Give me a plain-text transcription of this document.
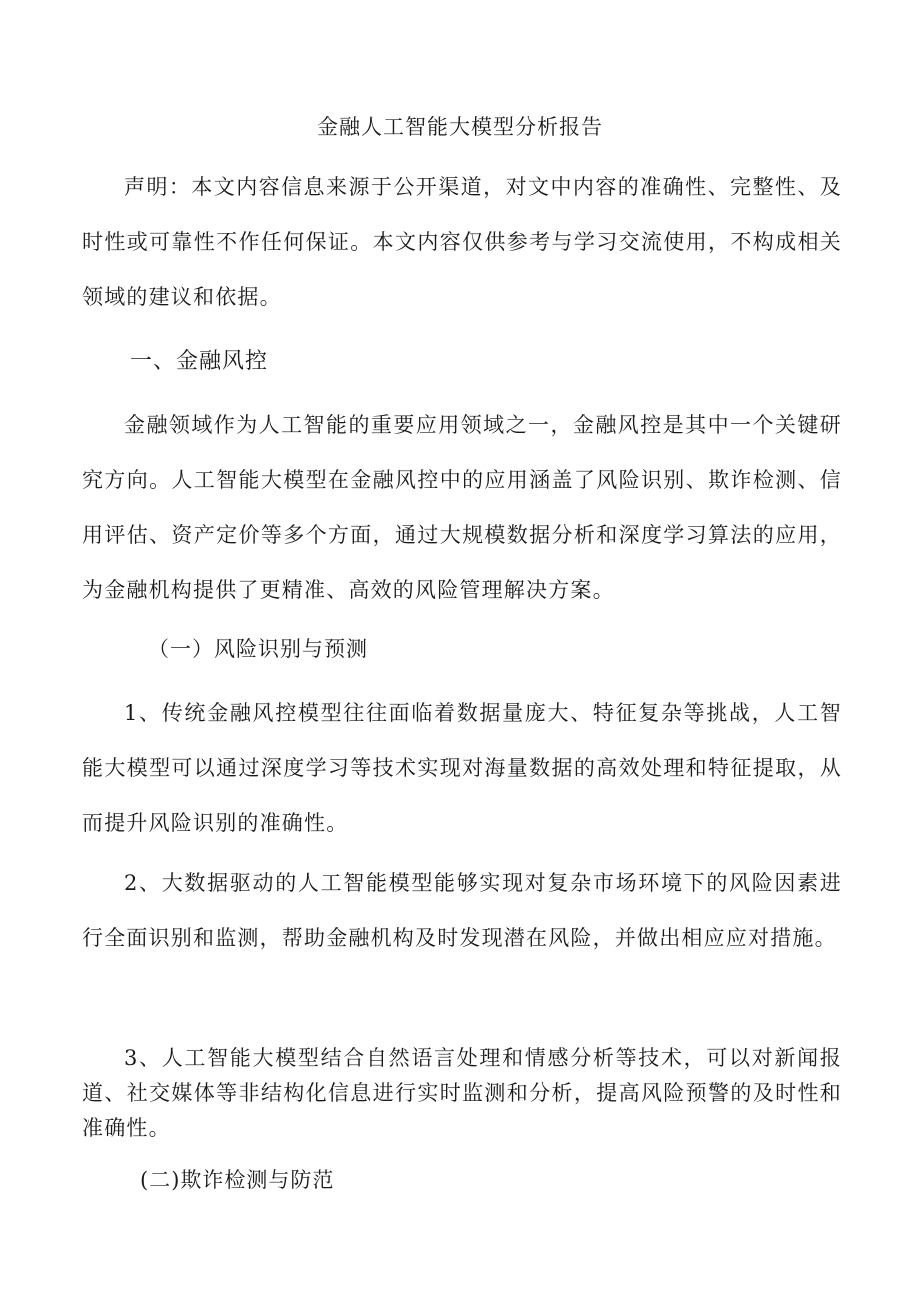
金融人工智能大模型分析报告
声明：本文内容信息来源于公开渠道，对文中内容的准确性、完整性、及时性或可靠性不作任何保证。本文内容仅供参考与学习交流使用，不构成相关领域的建议和依据。
一、金融风控
金融领域作为人工智能的重要应用领域之一，金融风控是其中一个关键研究方向。人工智能大模型在金融风控中的应用涵盖了风险识别、欺诈检测、信用评估、资产定价等多个方面，通过大规模数据分析和深度学习算法的应用，为金融机构提供了更精准、高效的风险管理解决方案。
（一）风险识别与预测
1、传统金融风控模型往往面临着数据量庞大、特征复杂等挑战，人工智能大模型可以通过深度学习等技术实现对海量数据的高效处理和特征提取，从而提升风险识别的准确性。
2、大数据驱动的人工智能模型能够实现对复杂市场环境下的风险因素进行全面识别和监测，帮助金融机构及时发现潜在风险，并做出相应应对措施。
3、人工智能大模型结合自然语言处理和情感分析等技术，可以对新闻报道、社交媒体等非结构化信息进行实时监测和分析，提高风险预警的及时性和准确性。
(二)欺诈检测与防范
